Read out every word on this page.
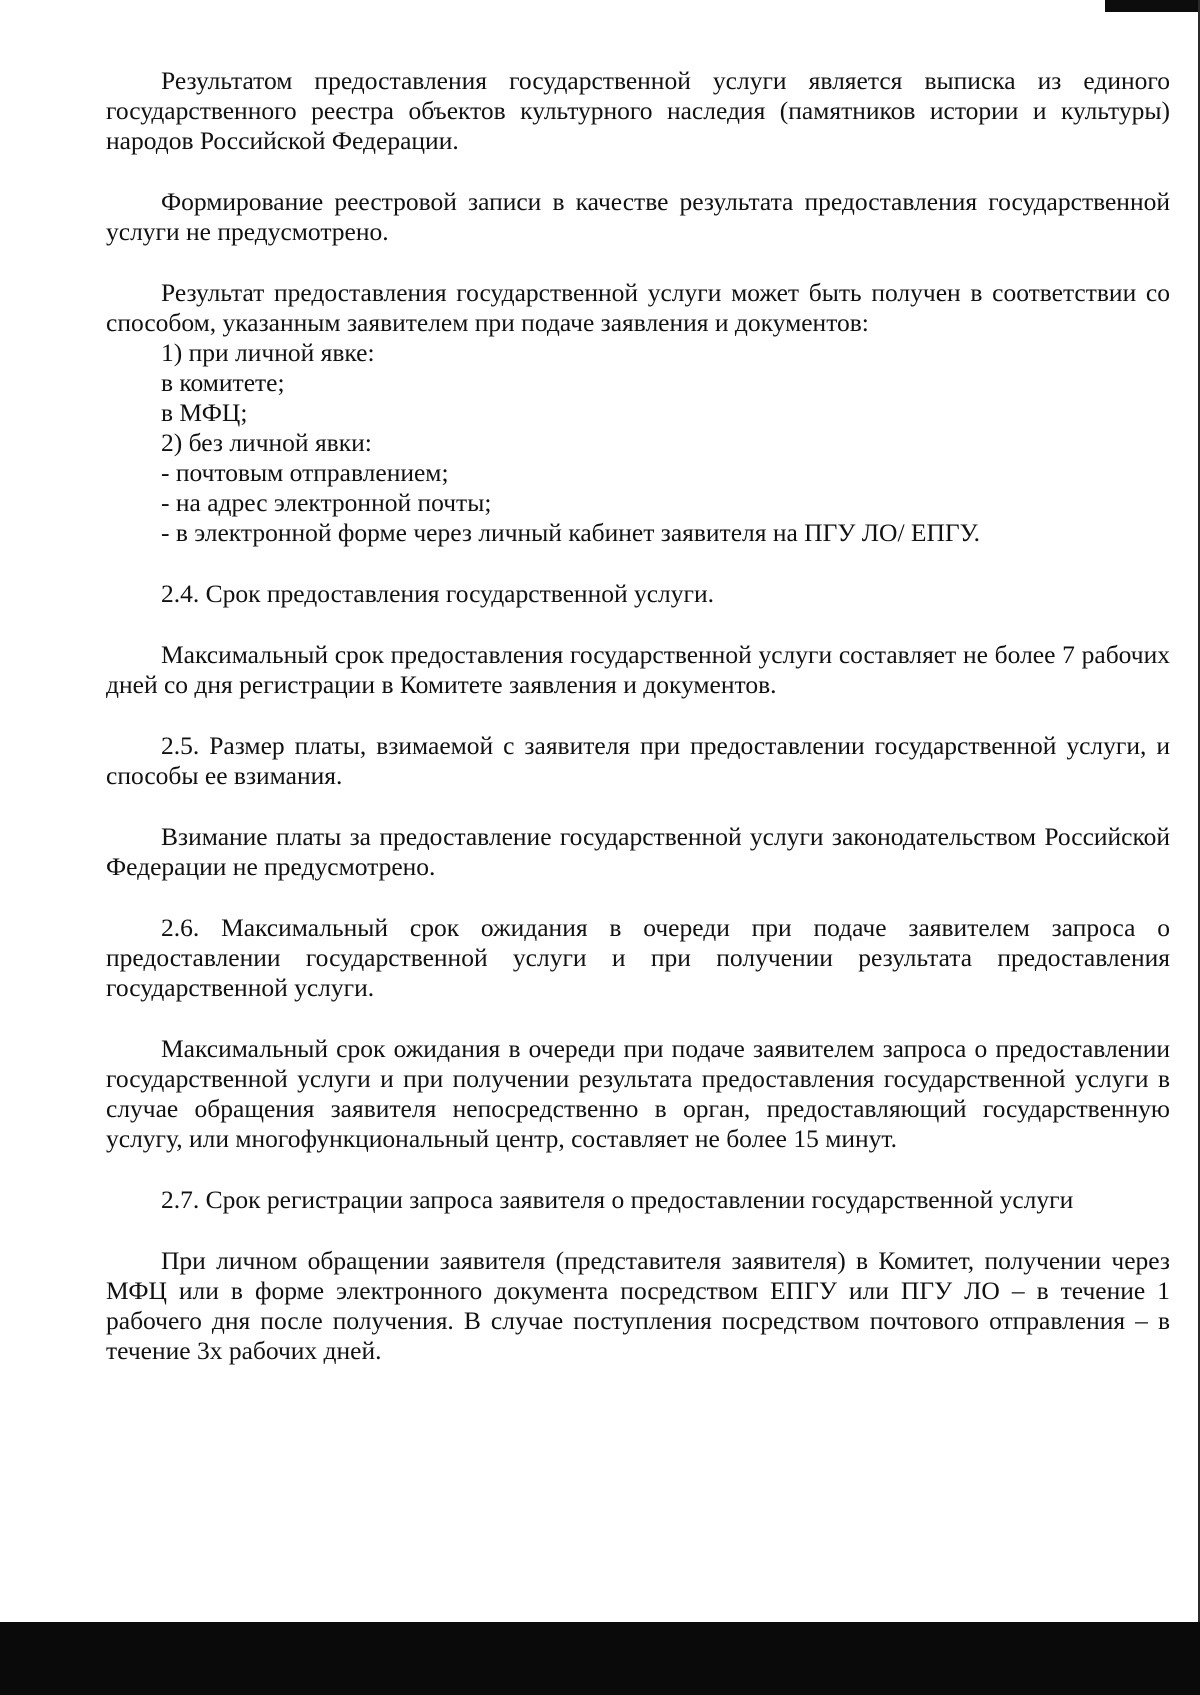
Результатом предоставления государственной услуги является выписка из единого государственного реестра объектов культурного наследия (памятников истории и культуры) народов Российской Федерации.

Формирование реестровой записи в качестве результата предоставления государственной услуги не предусмотрено.

Результат предоставления государственной услуги может быть получен в соответствии со способом, указанным заявителем при подаче заявления и документов:

1) при личной явке:

в комитете;

в МФЦ;

2) без личной явки:

- почтовым отправлением;

- на адрес электронной почты;

- в электронной форме через личный кабинет заявителя на ПГУ ЛО/ ЕПГУ.

2.4. Срок предоставления государственной услуги.

Максимальный срок предоставления государственной услуги составляет не более 7 рабочих дней со дня регистрации в Комитете заявления и документов.

2.5. Размер платы, взимаемой с заявителя при предоставлении государственной услуги, и способы ее взимания.

Взимание платы за предоставление государственной услуги законодательством Российской Федерации не предусмотрено.

2.6. Максимальный срок ожидания в очереди при подаче заявителем запроса о предоставлении государственной услуги и при получении результата предоставления государственной услуги.

Максимальный срок ожидания в очереди при подаче заявителем запроса о предоставлении государственной услуги и при получении результата предоставления государственной услуги в случае обращения заявителя непосредственно в орган, предоставляющий государственную услугу, или многофункциональный центр, составляет не более 15 минут.

2.7. Срок регистрации запроса заявителя о предоставлении государственной услуги

При личном обращении заявителя (представителя заявителя) в Комитет, получении через МФЦ или в форме электронного документа посредством ЕПГУ или ПГУ ЛО – в течение 1 рабочего дня после получения. В случае поступления посредством почтового отправления – в течение 3х рабочих дней.
